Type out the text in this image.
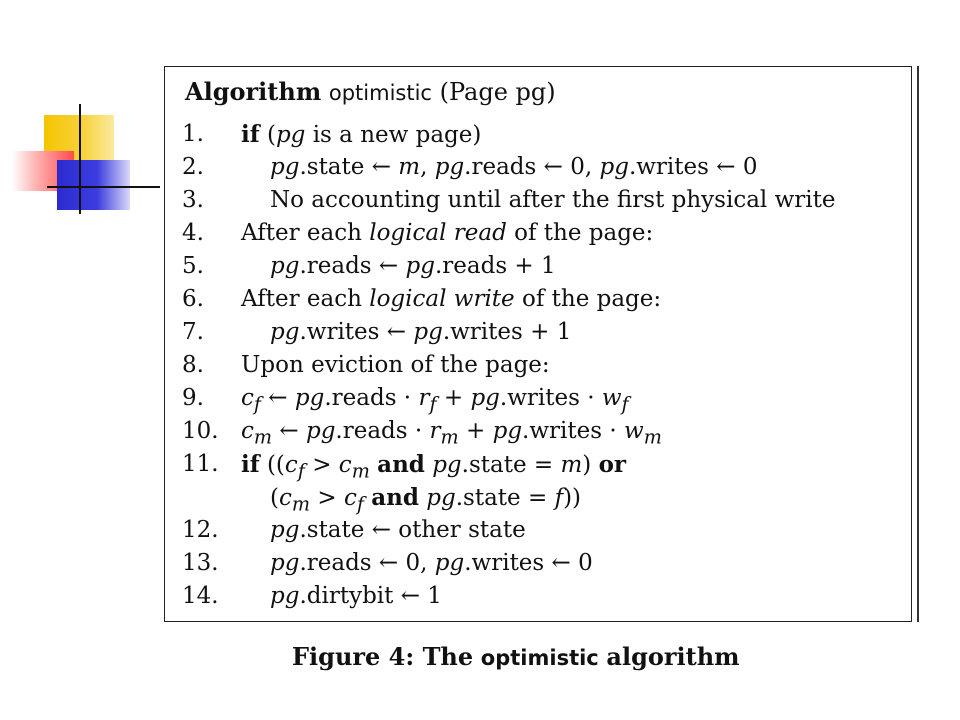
Algorithm optimistic (Page pg)
1. if (pg is a new page)
2.	pg.state ← m, pg.reads ← 0, pg.writes ← 0
3.	No accounting until after the first physical write
4. After each logical read of the page:
5.	pg.reads ← pg.reads + 1
6. After each logical write of the page:
7.	pg.writes ← pg.writes + 1
8. Upon eviction of the page:
9. $c_f$ ← pg.reads · $r_f$ + pg.writes · $w_f$
10. $c_m$ ← pg.reads · $r_m$ + pg.writes · $w_m$
11. if (($c_f > c_m$ and pg.state = m) or
($c_m > c_f$ and pg.state = f))
12. pg.state ← other state
13. pg.reads ← 0, pg.writes ← 0
14. pg.dirtybit ← 1
Figure 4: The optimistic algorithm
